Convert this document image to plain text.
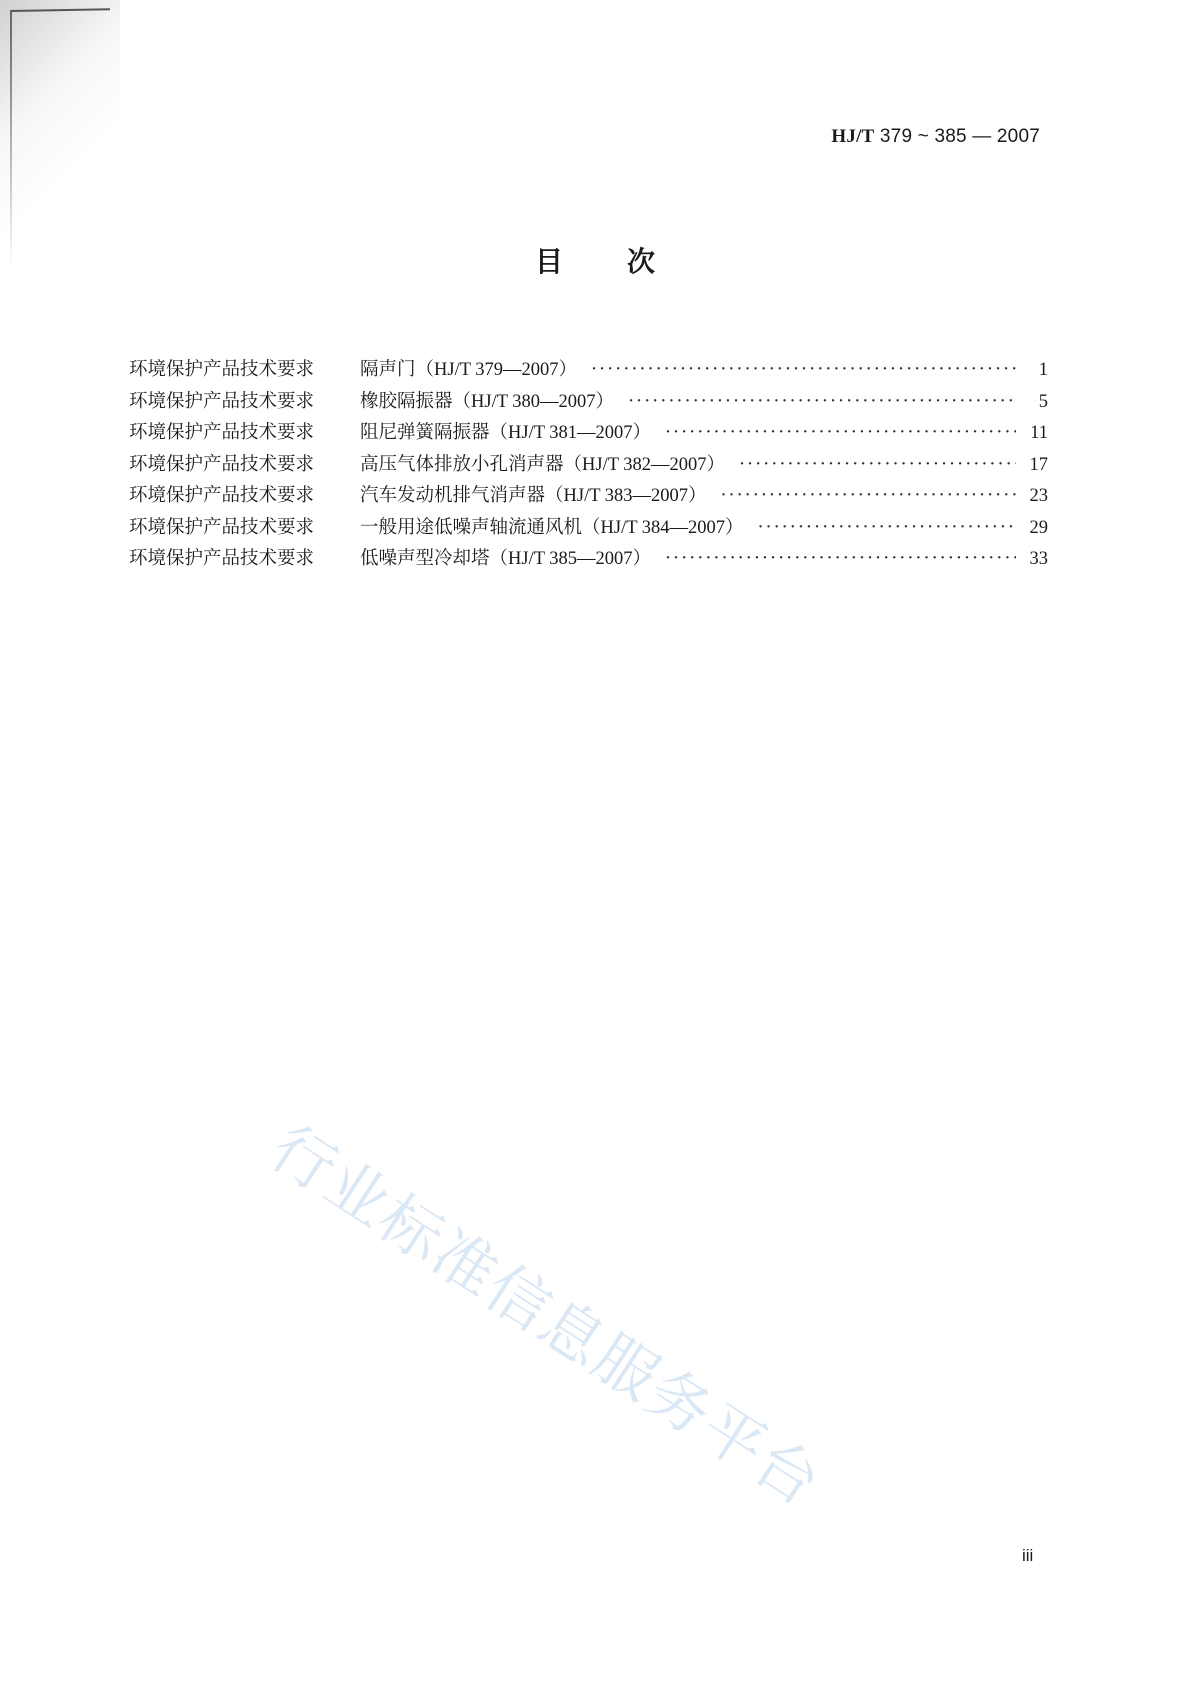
HJ/T 379 ~ 385 — 2007
目次
环境保护产品技术要求	隔声门 （HJ/T 379—2007） ·····	1
环境保护产品技术要求	橡胶隔振器 （HJ/T 380—2007） ·····	5
环境保护产品技术要求	阻尼弹簧隔振器 （HJ/T 381—2007） ·····	11
环境保护产品技术要求	高压气体排放小孔消声器 （HJ/T 382—2007） ·····	17
环境保护产品技术要求	汽车发动机排气消声器 （HJ/T 383—2007） ·····	23
环境保护产品技术要求	一般用途低噪声轴流通风机 （HJ/T 384—2007） ·····	29
环境保护产品技术要求	低噪声型冷却塔 （HJ/T 385—2007） ·····	33
行业标准信息服务平台
iii
